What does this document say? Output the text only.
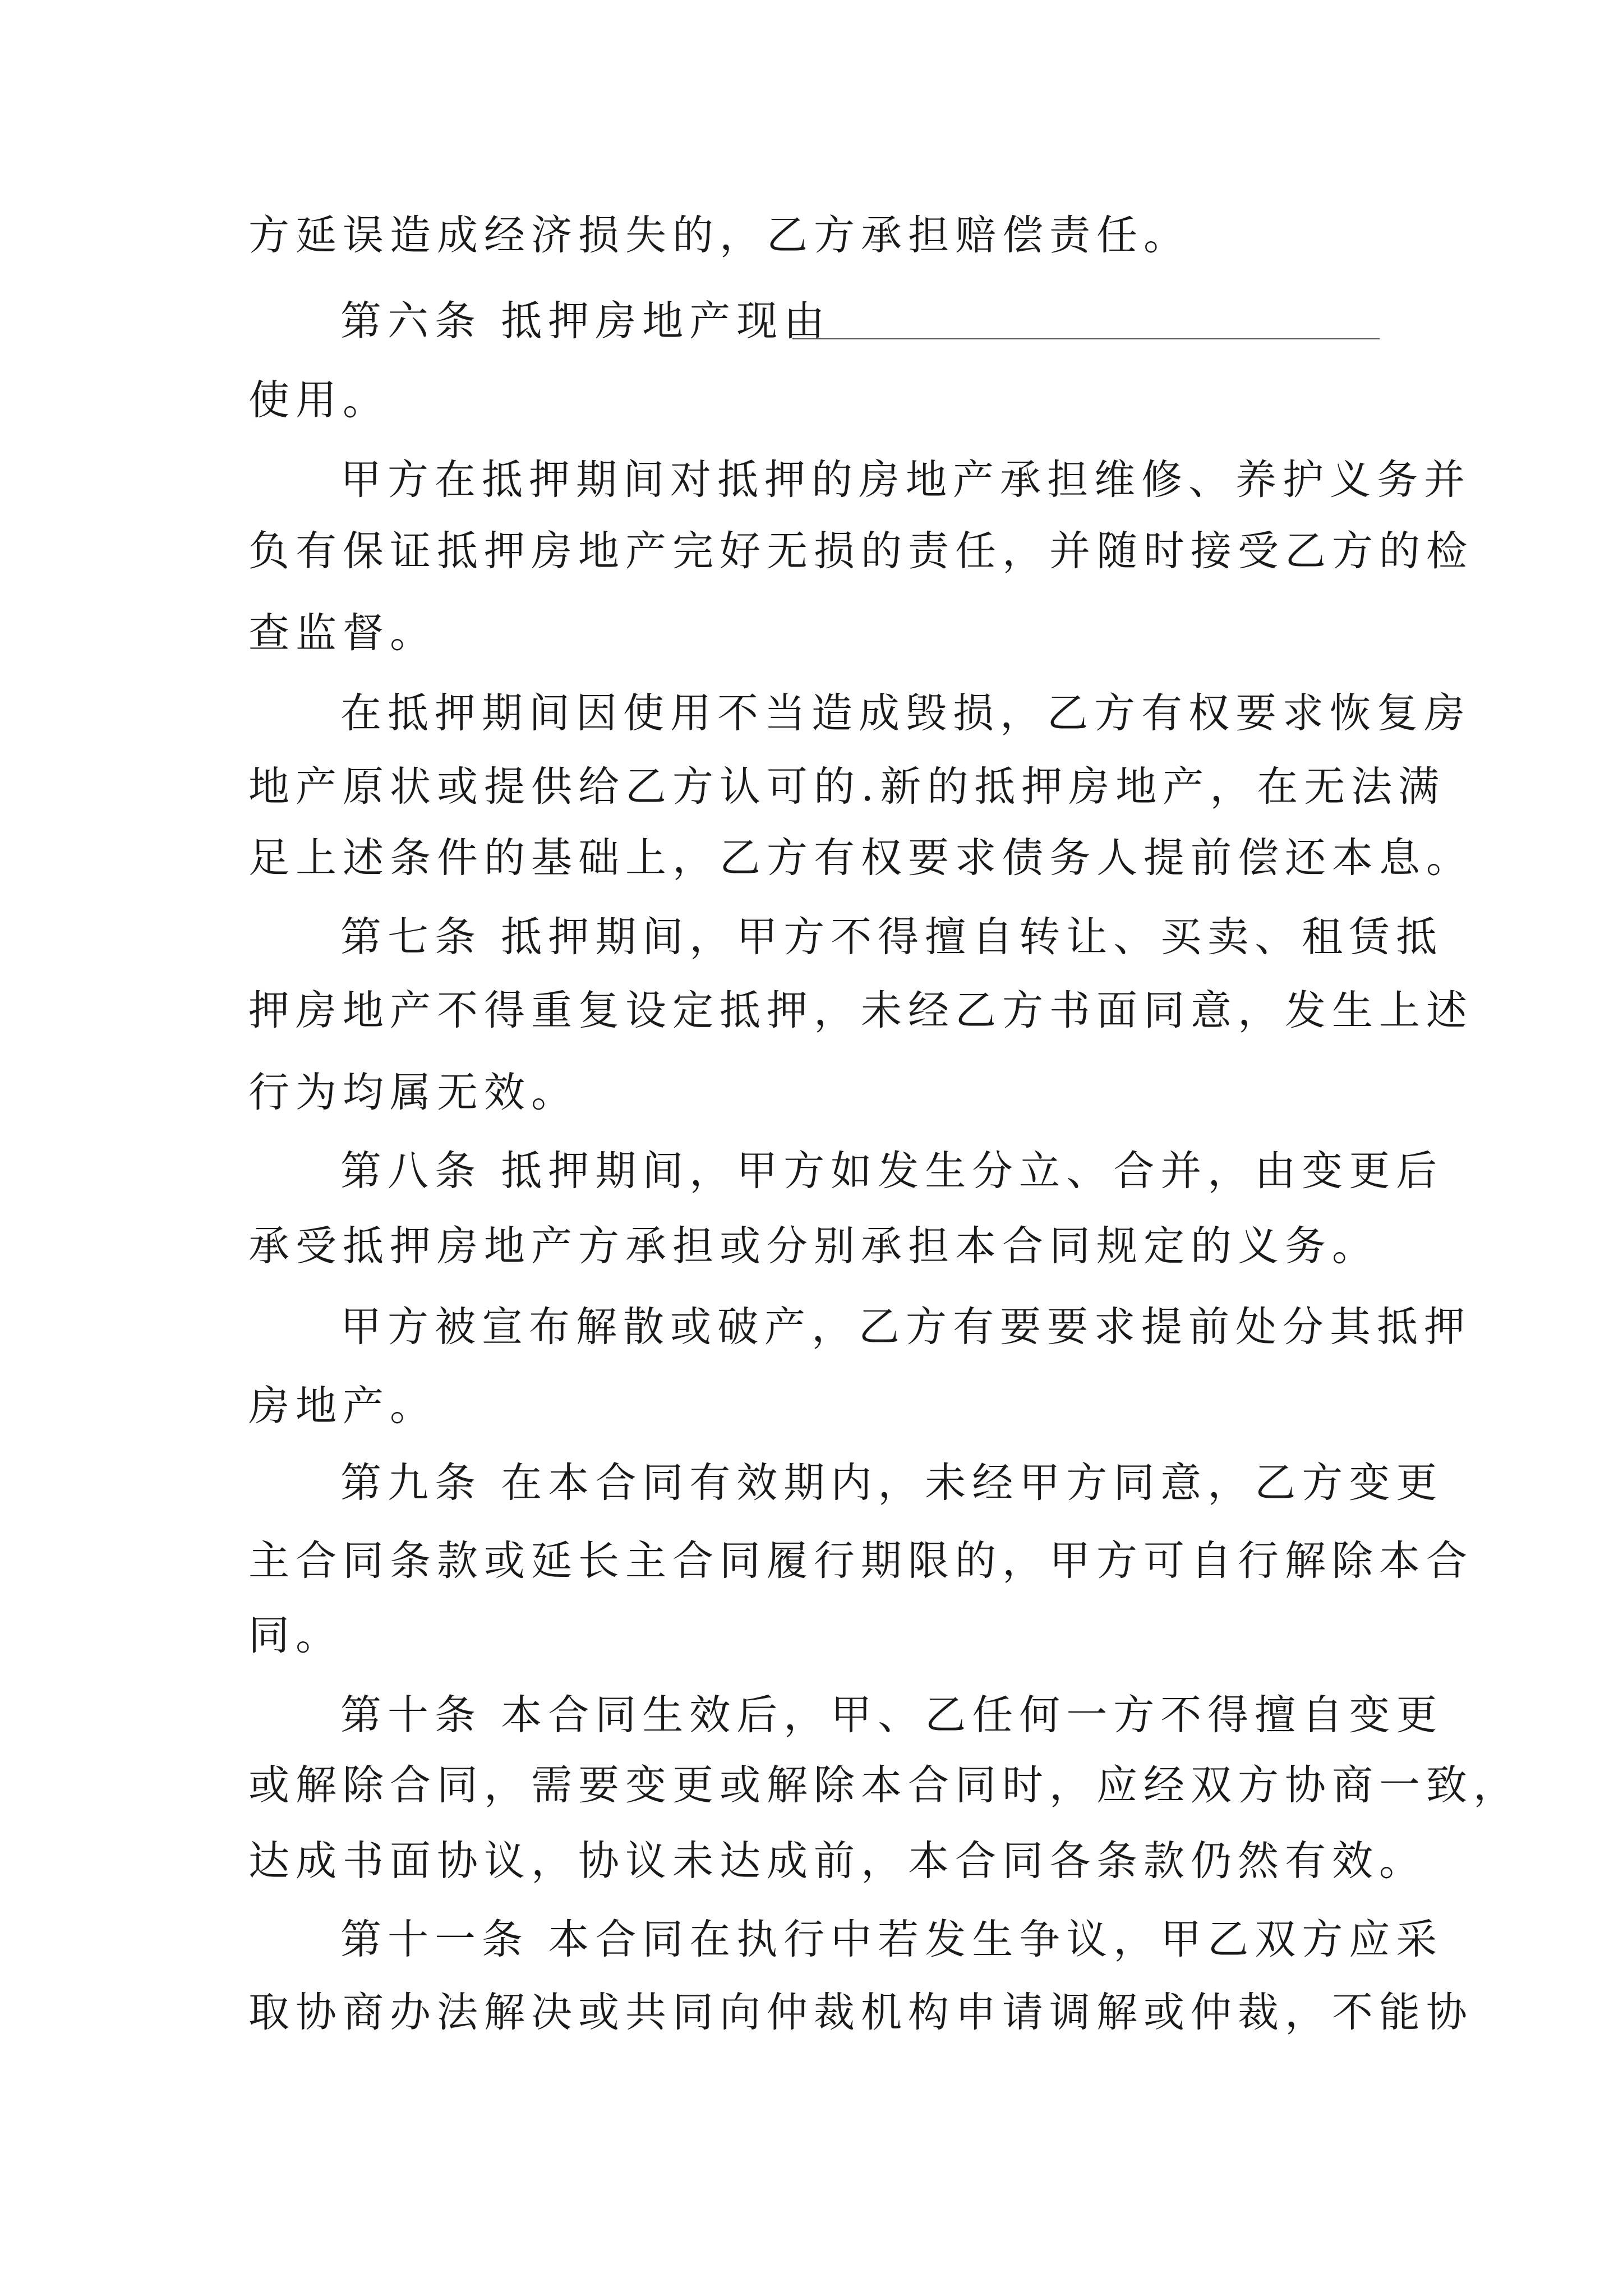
方延误造成经济损失的，乙方承担赔偿责任。
第六条 抵押房地产现由
使用。
甲方在抵押期间对抵押的房地产承担维修、养护义务并
负有保证抵押房地产完好无损的责任，并随时接受乙方的检
查监督。
在抵押期间因使用不当造成毁损，乙方有权要求恢复房
地产原状或提供给乙方认可的.新的抵押房地产，在无法满
足上述条件的基础上，乙方有权要求债务人提前偿还本息。
第七条 抵押期间，甲方不得擅自转让、买卖、租赁抵
押房地产不得重复设定抵押，未经乙方书面同意，发生上述
行为均属无效。
第八条 抵押期间，甲方如发生分立、合并，由变更后
承受抵押房地产方承担或分别承担本合同规定的义务。
甲方被宣布解散或破产，乙方有要要求提前处分其抵押
房地产。
第九条 在本合同有效期内，未经甲方同意，乙方变更
主合同条款或延长主合同履行期限的，甲方可自行解除本合
同。
第十条 本合同生效后，甲、乙任何一方不得擅自变更
或解除合同，需要变更或解除本合同时，应经双方协商一致，
达成书面协议，协议未达成前，本合同各条款仍然有效。
第十一条 本合同在执行中若发生争议，甲乙双方应采
取协商办法解决或共同向仲裁机构申请调解或仲裁，不能协
